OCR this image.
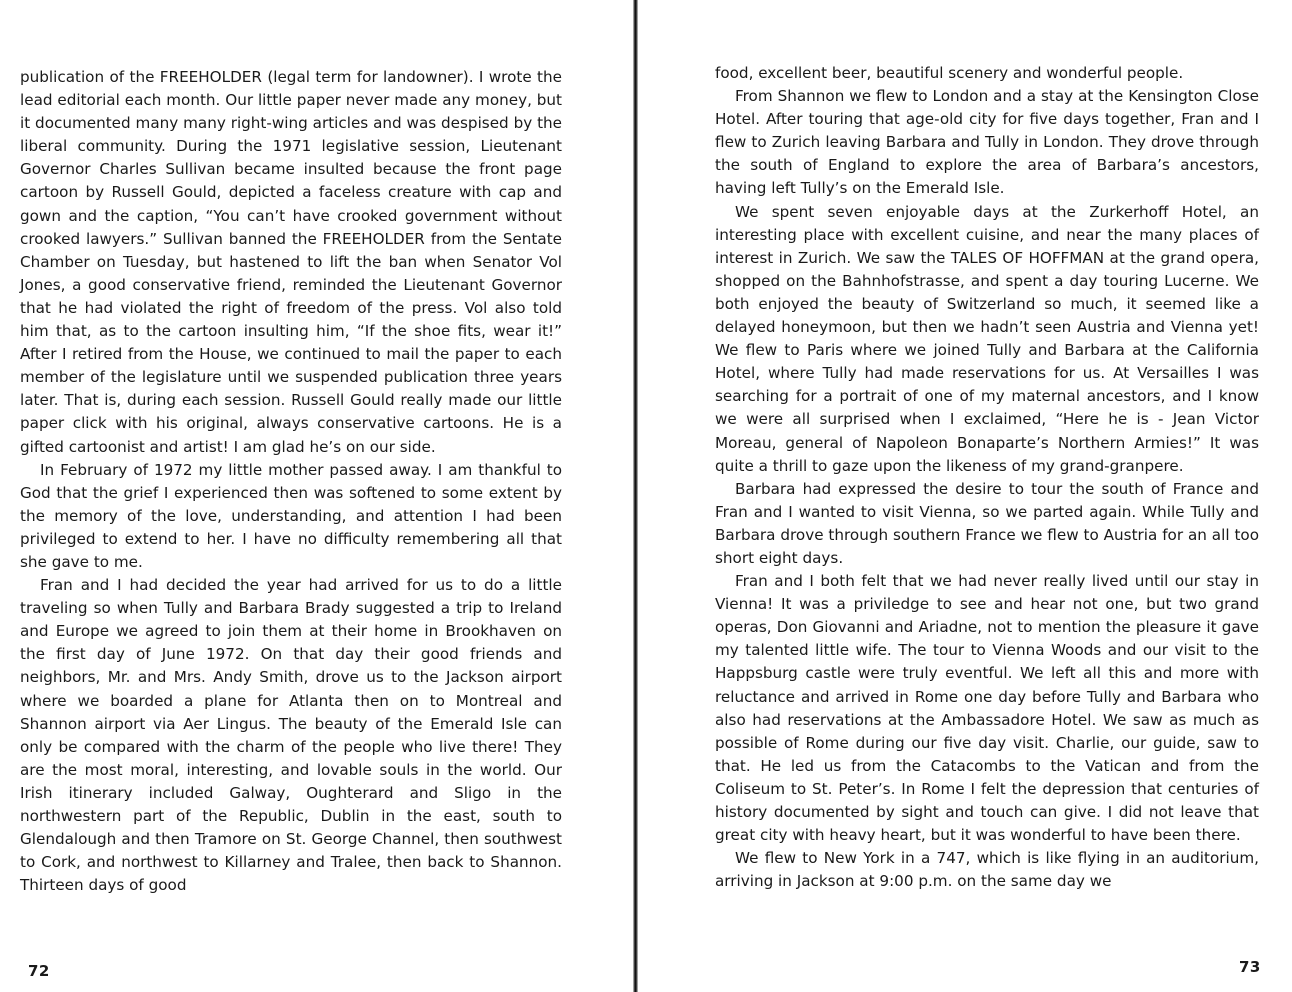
publication of the FREEHOLDER (legal term for landowner). I wrote the lead editorial each month. Our little paper never made any money, but it documented many many right-wing articles and was despised by the liberal community. During the 1971 legislative session, Lieutenant Governor Charles Sullivan became insulted because the front page cartoon by Russell Gould, depicted a faceless creature with cap and gown and the caption, “You can’t have crooked government without crooked lawyers.” Sullivan banned the FREEHOLDER from the Sentate Chamber on Tuesday, but hastened to lift the ban when Senator Vol Jones, a good conservative friend, reminded the Lieutenant Governor that he had violated the right of freedom of the press. Vol also told him that, as to the cartoon insulting him, “If the shoe fits, wear it!” After I retired from the House, we continued to mail the paper to each member of the legislature until we suspended publication three years later. That is, during each session. Russell Gould really made our little paper click with his original, always conservative cartoons. He is a gifted cartoonist and artist! I am glad he’s on our side.

In February of 1972 my little mother passed away. I am thankful to God that the grief I experienced then was softened to some extent by the memory of the love, understanding, and attention I had been privileged to extend to her. I have no difficulty remembering all that she gave to me.

Fran and I had decided the year had arrived for us to do a little traveling so when Tully and Barbara Brady suggested a trip to Ireland and Europe we agreed to join them at their home in Brookhaven on the first day of June 1972. On that day their good friends and neighbors, Mr. and Mrs. Andy Smith, drove us to the Jackson airport where we boarded a plane for Atlanta then on to Montreal and Shannon airport via Aer Lingus. The beauty of the Emerald Isle can only be compared with the charm of the people who live there! They are the most moral, interesting, and lovable souls in the world. Our Irish itinerary included Galway, Oughterard and Sligo in the northwestern part of the Republic, Dublin in the east, south to Glendalough and then Tramore on St. George Channel, then southwest to Cork, and northwest to Killarney and Tralee, then back to Shannon. Thirteen days of good

72

food, excellent beer, beautiful scenery and wonderful people.

From Shannon we flew to London and a stay at the Kensington Close Hotel. After touring that age-old city for five days together, Fran and I flew to Zurich leaving Barbara and Tully in London. They drove through the south of England to explore the area of Barbara’s ancestors, having left Tully’s on the Emerald Isle.

We spent seven enjoyable days at the Zurkerhoff Hotel, an interesting place with excellent cuisine, and near the many places of interest in Zurich. We saw the TALES OF HOFFMAN at the grand opera, shopped on the Bahnhofstrasse, and spent a day touring Lucerne. We both enjoyed the beauty of Switzerland so much, it seemed like a delayed honeymoon, but then we hadn’t seen Austria and Vienna yet! We flew to Paris where we joined Tully and Barbara at the California Hotel, where Tully had made reservations for us. At Versailles I was searching for a portrait of one of my maternal ancestors, and I know we were all surprised when I exclaimed, “Here he is - Jean Victor Moreau, general of Napoleon Bonaparte’s Northern Armies!” It was quite a thrill to gaze upon the likeness of my grand-granpere.

Barbara had expressed the desire to tour the south of France and Fran and I wanted to visit Vienna, so we parted again. While Tully and Barbara drove through southern France we flew to Austria for an all too short eight days.

Fran and I both felt that we had never really lived until our stay in Vienna! It was a priviledge to see and hear not one, but two grand operas, Don Giovanni and Ariadne, not to mention the pleasure it gave my talented little wife. The tour to Vienna Woods and our visit to the Happsburg castle were truly eventful. We left all this and more with reluctance and arrived in Rome one day before Tully and Barbara who also had reservations at the Ambassadore Hotel. We saw as much as possible of Rome during our five day visit. Charlie, our guide, saw to that. He led us from the Catacombs to the Vatican and from the Coliseum to St. Peter’s. In Rome I felt the depression that centuries of history documented by sight and touch can give. I did not leave that great city with heavy heart, but it was wonderful to have been there.

We flew to New York in a 747, which is like flying in an auditorium, arriving in Jackson at 9:00 p.m. on the same day we

73
